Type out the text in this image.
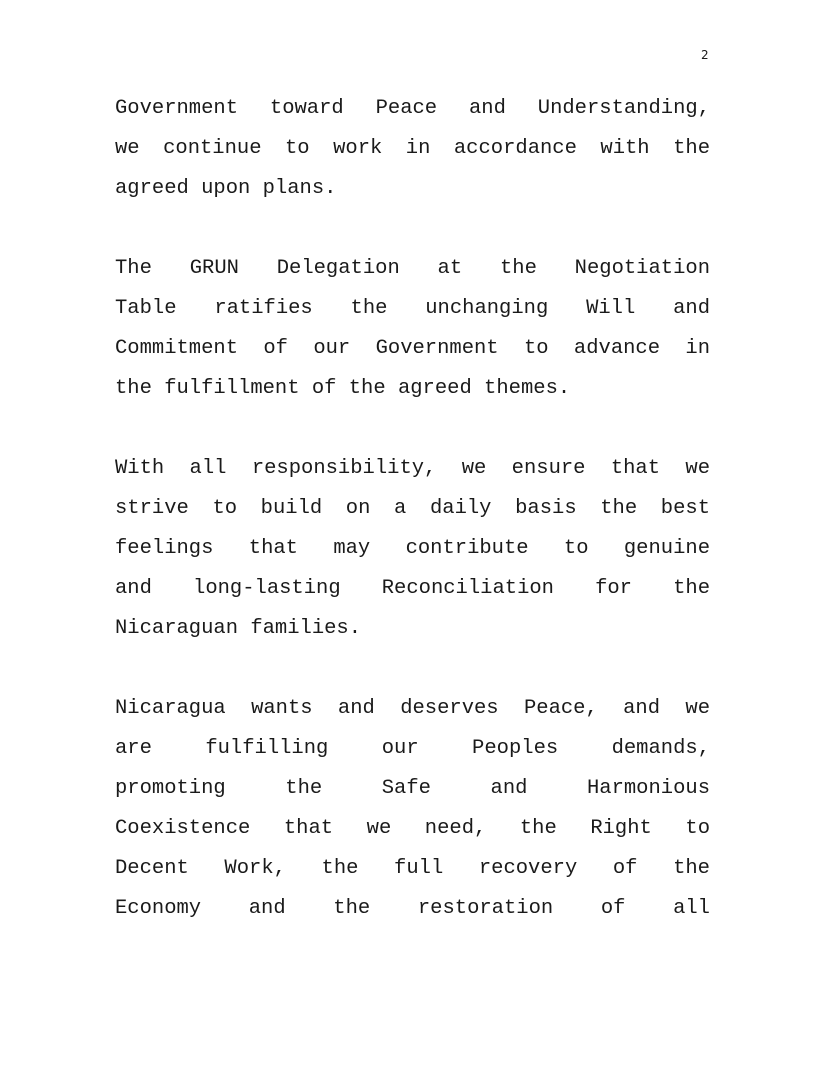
2
Government toward Peace and Understanding,
we continue to work in accordance with the
agreed upon plans.
The GRUN Delegation at the Negotiation
Table ratifies the unchanging Will and
Commitment of our Government to advance in
the fulfillment of the agreed themes.
With all responsibility, we ensure that we
strive to build on a daily basis the best
feelings that may contribute to genuine
and long-lasting Reconciliation for the
Nicaraguan families.
Nicaragua wants and deserves Peace, and we
are fulfilling our Peoples demands,
promoting the Safe and Harmonious
Coexistence that we need, the Right to
Decent Work, the full recovery of the
Economy and the restoration of all
